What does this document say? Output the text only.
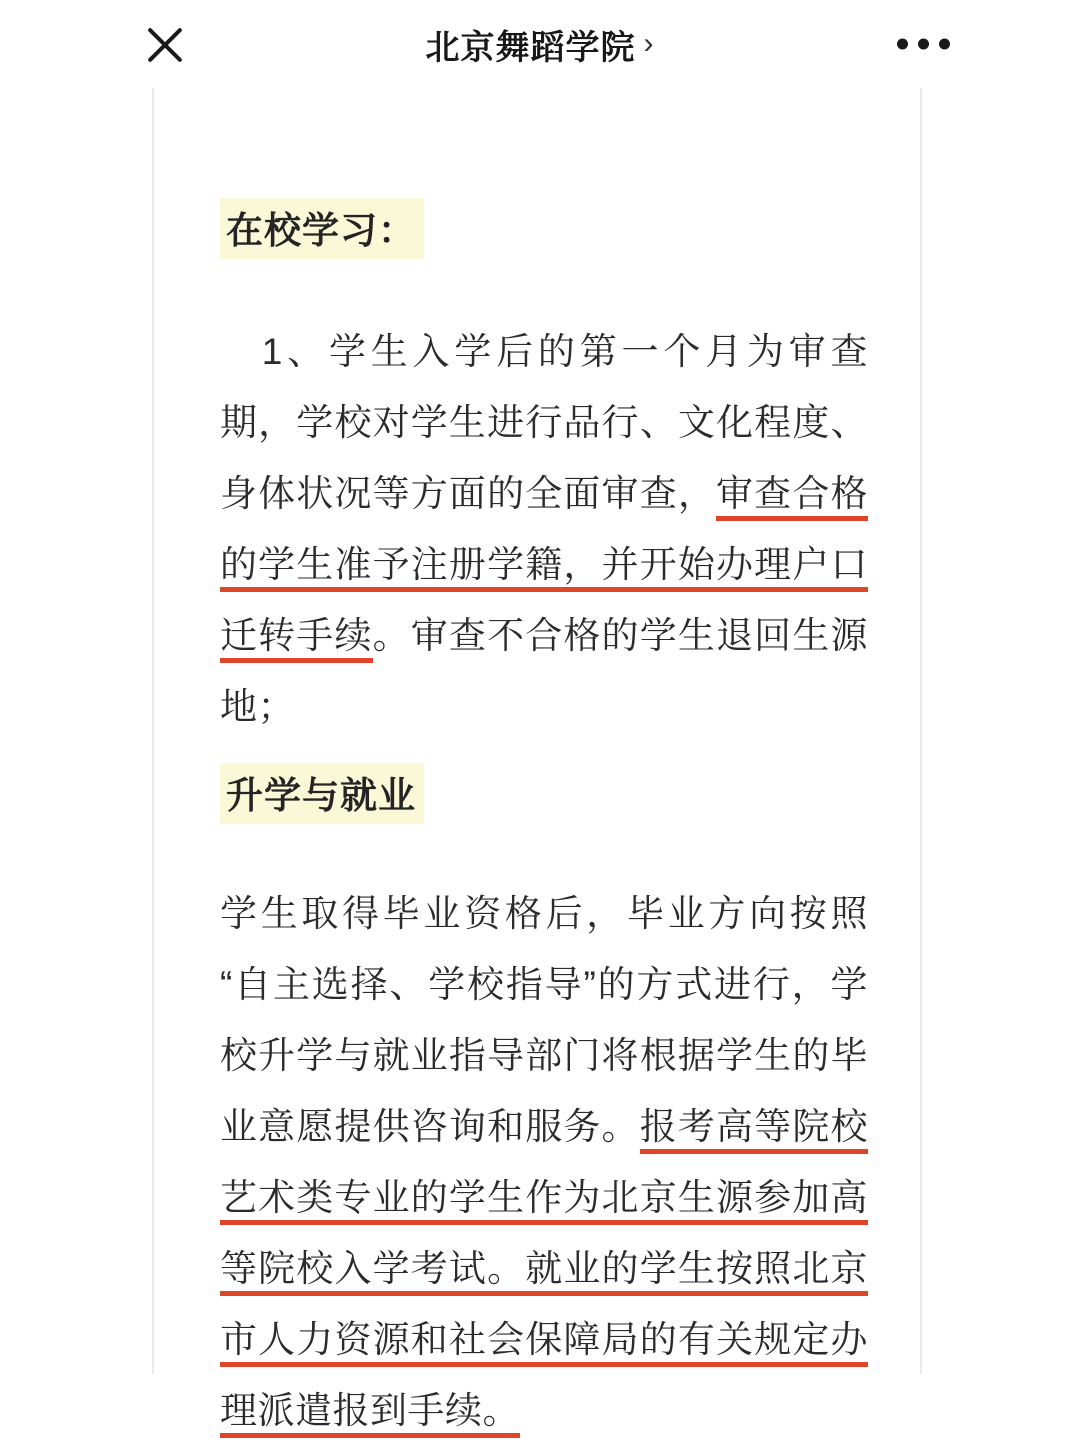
北京舞蹈学院 ›
在校学习：
　1、学生入学后的第一个月为审查期，学校对学生进行品行、文化程度、身体状况等方面的全面审查，审查合格的学生准予注册学籍，并开始办理户口迁转手续。审查不合格的学生退回生源地；
升学与就业
学生取得毕业资格后，毕业方向按照“自主选择、学校指导”的方式进行，学校升学与就业指导部门将根据学生的毕业意愿提供咨询和服务。报考高等院校艺术类专业的学生作为北京生源参加高等院校入学考试。就业的学生按照北京市人力资源和社会保障局的有关规定办理派遣报到手续。
